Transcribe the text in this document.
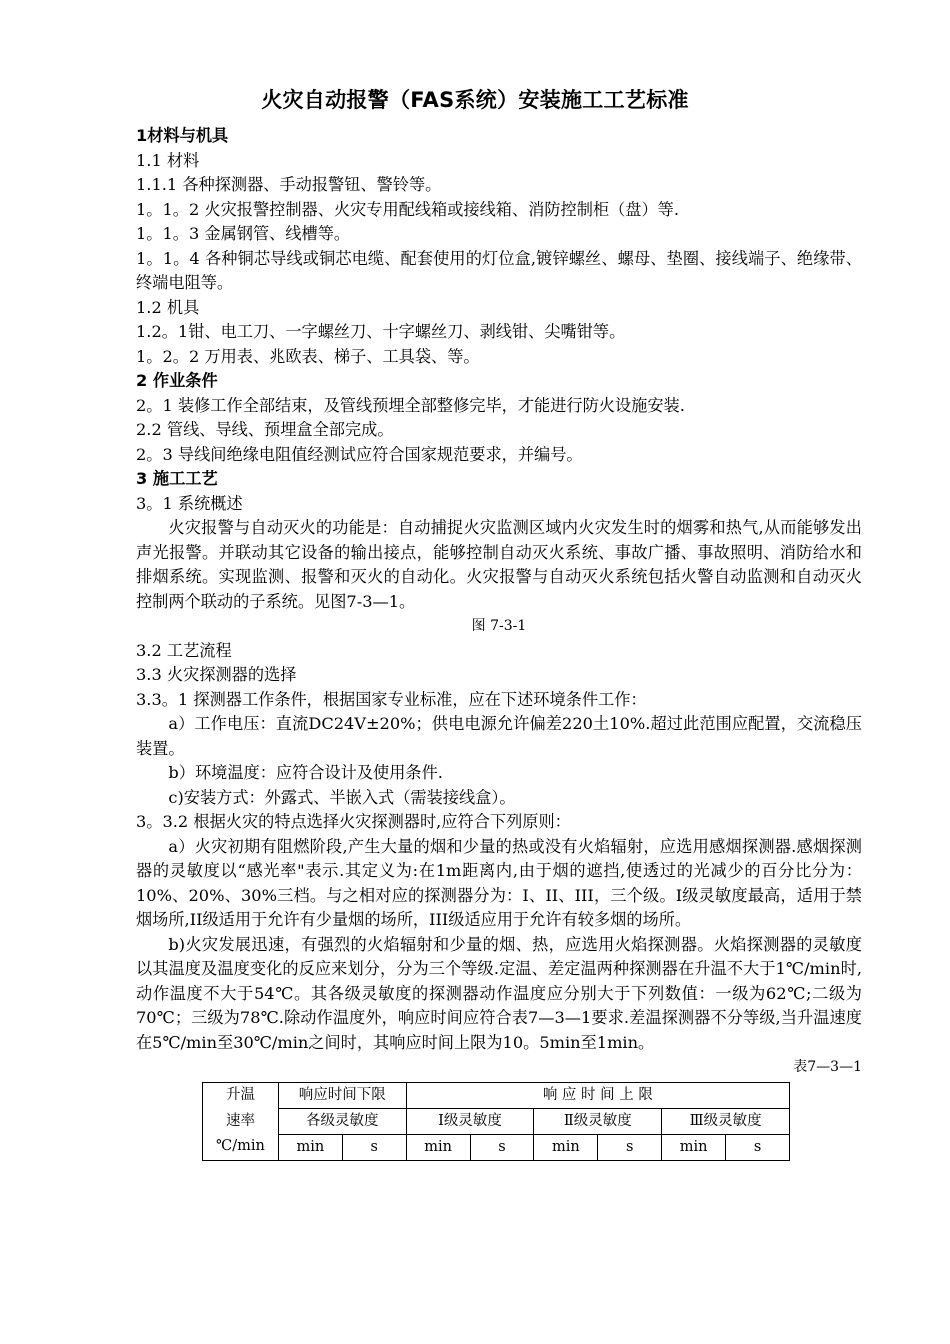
火灾自动报警（FAS系统）安装施工工艺标准

1材料与机具

1.1 材料

1.1.1 各种探测器、手动报警钮、警铃等。

1。1。2 火灾报警控制器、火灾专用配线箱或接线箱、消防控制柜（盘）等.

1。1。3 金属钢管、线槽等。

1。1。4 各种铜芯导线或铜芯电缆、配套使用的灯位盒,镀锌螺丝、螺母、垫圈、接线端子、绝缘带、终端电阻等。

1.2 机具

1.2。1钳、电工刀、一字螺丝刀、十字螺丝刀、剥线钳、尖嘴钳等。

1。2。2 万用表、兆欧表、梯子、工具袋、等。

2 作业条件

2。1 装修工作全部结束，及管线预埋全部整修完毕，才能进行防火设施安装.

2.2 管线、导线、预埋盒全部完成。

2。3 导线间绝缘电阻值经测试应符合国家规范要求，并编号。

3 施工工艺

3。1 系统概述

火灾报警与自动灭火的功能是：自动捕捉火灾监测区域内火灾发生时的烟雾和热气,从而能够发出声光报警。并联动其它设备的输出接点，能够控制自动灭火系统、事故广播、事故照明、消防给水和排烟系统。实现监测、报警和灭火的自动化。火灾报警与自动灭火系统包括火警自动监测和自动灭火控制两个联动的子系统。见图7-3—1。

图 7-3-1

3.2 工艺流程

3.3 火灾探测器的选择

3.3。1 探测器工作条件，根据国家专业标准，应在下述环境条件工作：

a）工作电压：直流DC24V±20%；供电电源允许偏差220土10%.超过此范围应配置，交流稳压装置。

b）环境温度：应符合设计及使用条件.

c)安装方式：外露式、半嵌入式（需装接线盒）。

3。3.2 根据火灾的特点选择火灾探测器时,应符合下列原则：

a）火灾初期有阻燃阶段,产生大量的烟和少量的热或没有火焰辐射，应选用感烟探测器.感烟探测器的灵敏度以“感光率"表示.其定义为:在1m距离内,由于烟的遮挡,使透过的光减少的百分比分为：10%、20%、30%三档。与之相对应的探测器分为：I、II、III，三个级。I级灵敏度最高，适用于禁烟场所,II级适用于允许有少量烟的场所，III级适应用于允许有较多烟的场所。

b)火灾发展迅速，有强烈的火焰辐射和少量的烟、热，应选用火焰探测器。火焰探测器的灵敏度以其温度及温度变化的反应来划分，分为三个等级.定温、差定温两种探测器在升温不大于1℃/min时,动作温度不大于54℃。其各级灵敏度的探测器动作温度应分别大于下列数值：一级为62℃;二级为70℃；三级为78℃.除动作温度外，响应时间应符合表7—3—1要求.差温探测器不分等级,当升温速度在5℃/min至30℃/min之间时，其响应时间上限为10。5min至1min。

表7—3—1

升温	响应时间下限		响 应 时 间 上 限					
速率	各级灵敏度		Ⅰ级灵敏度		Ⅱ级灵敏度		Ⅲ级灵敏度	
℃/min	min	s	min	s	min	s	min	s
